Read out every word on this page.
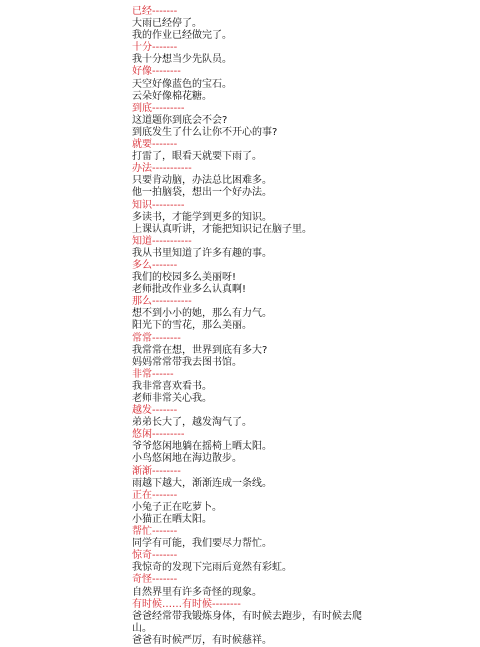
已经-------
大雨已经停了。
我的作业已经做完了。
十分-------
我十分想当少先队员。
好像--------
天空好像蓝色的宝石。
云朵好像棉花糖。
到底---------
这道题你到底会不会?
到底发生了什么让你不开心的事?
就要-------
打雷了，眼看天就要下雨了。
办法-----------
只要肯动脑，办法总比困难多。
他一拍脑袋，想出一个好办法。
知识---------
多读书，才能学到更多的知识。
上课认真听讲，才能把知识记在脑子里。
知道-----------
我从书里知道了许多有趣的事。
多么-------
我们的校园多么美丽呀!
老师批改作业多么认真啊!
那么-----------
想不到小小的她，那么有力气。
阳光下的雪花，那么美丽。
常常--------
我常常在想，世界到底有多大?
妈妈常常带我去图书馆。
非常------
我非常喜欢看书。
老师非常关心我。
越发-------
弟弟长大了，越发淘气了。
悠闲---------
爷爷悠闲地躺在摇椅上晒太阳。
小鸟悠闲地在海边散步。
渐渐--------
雨越下越大，渐渐连成一条线。
正在-------
小兔子正在吃萝卜。
小猫正在晒太阳。
帮忙-------
同学有可能，我们要尽力帮忙。
惊奇-------
我惊奇的发现下完雨后竟然有彩虹。
奇怪-------
自然界里有许多奇怪的现象。
有时候……有时候--------
爸爸经常带我锻炼身体，有时候去跑步，有时候去爬
山。
爸爸有时候严厉，有时候慈祥。
